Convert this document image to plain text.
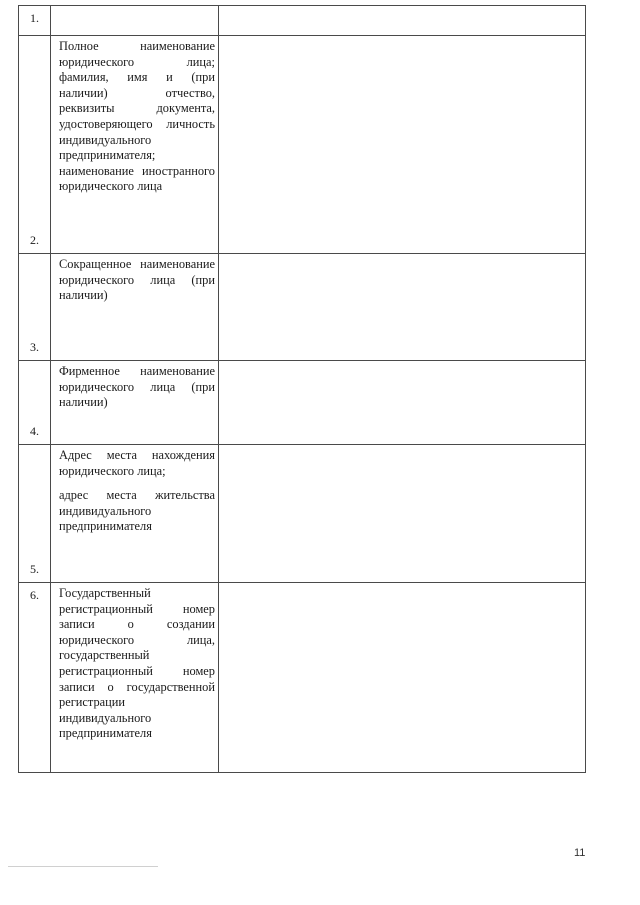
1.		

2.	Полное наименование юридического лица; фамилия, имя и (при наличии) отчество, реквизиты документа, удостоверяющего личность индивидуального предпринимателя; наименование иностранного юридического лица	

3.	Сокращенное наименование юридического лица (при наличии)	

4.	Фирменное наименование юридического лица (при наличии)	

5.	Адрес места нахождения юридического лица;

адрес места жительства индивидуального предпринимателя	

6.	Государственный регистрационный номер записи о создании юридического лица, государственный регистрационный номер записи о государственной регистрации индивидуального предпринимателя	

11
